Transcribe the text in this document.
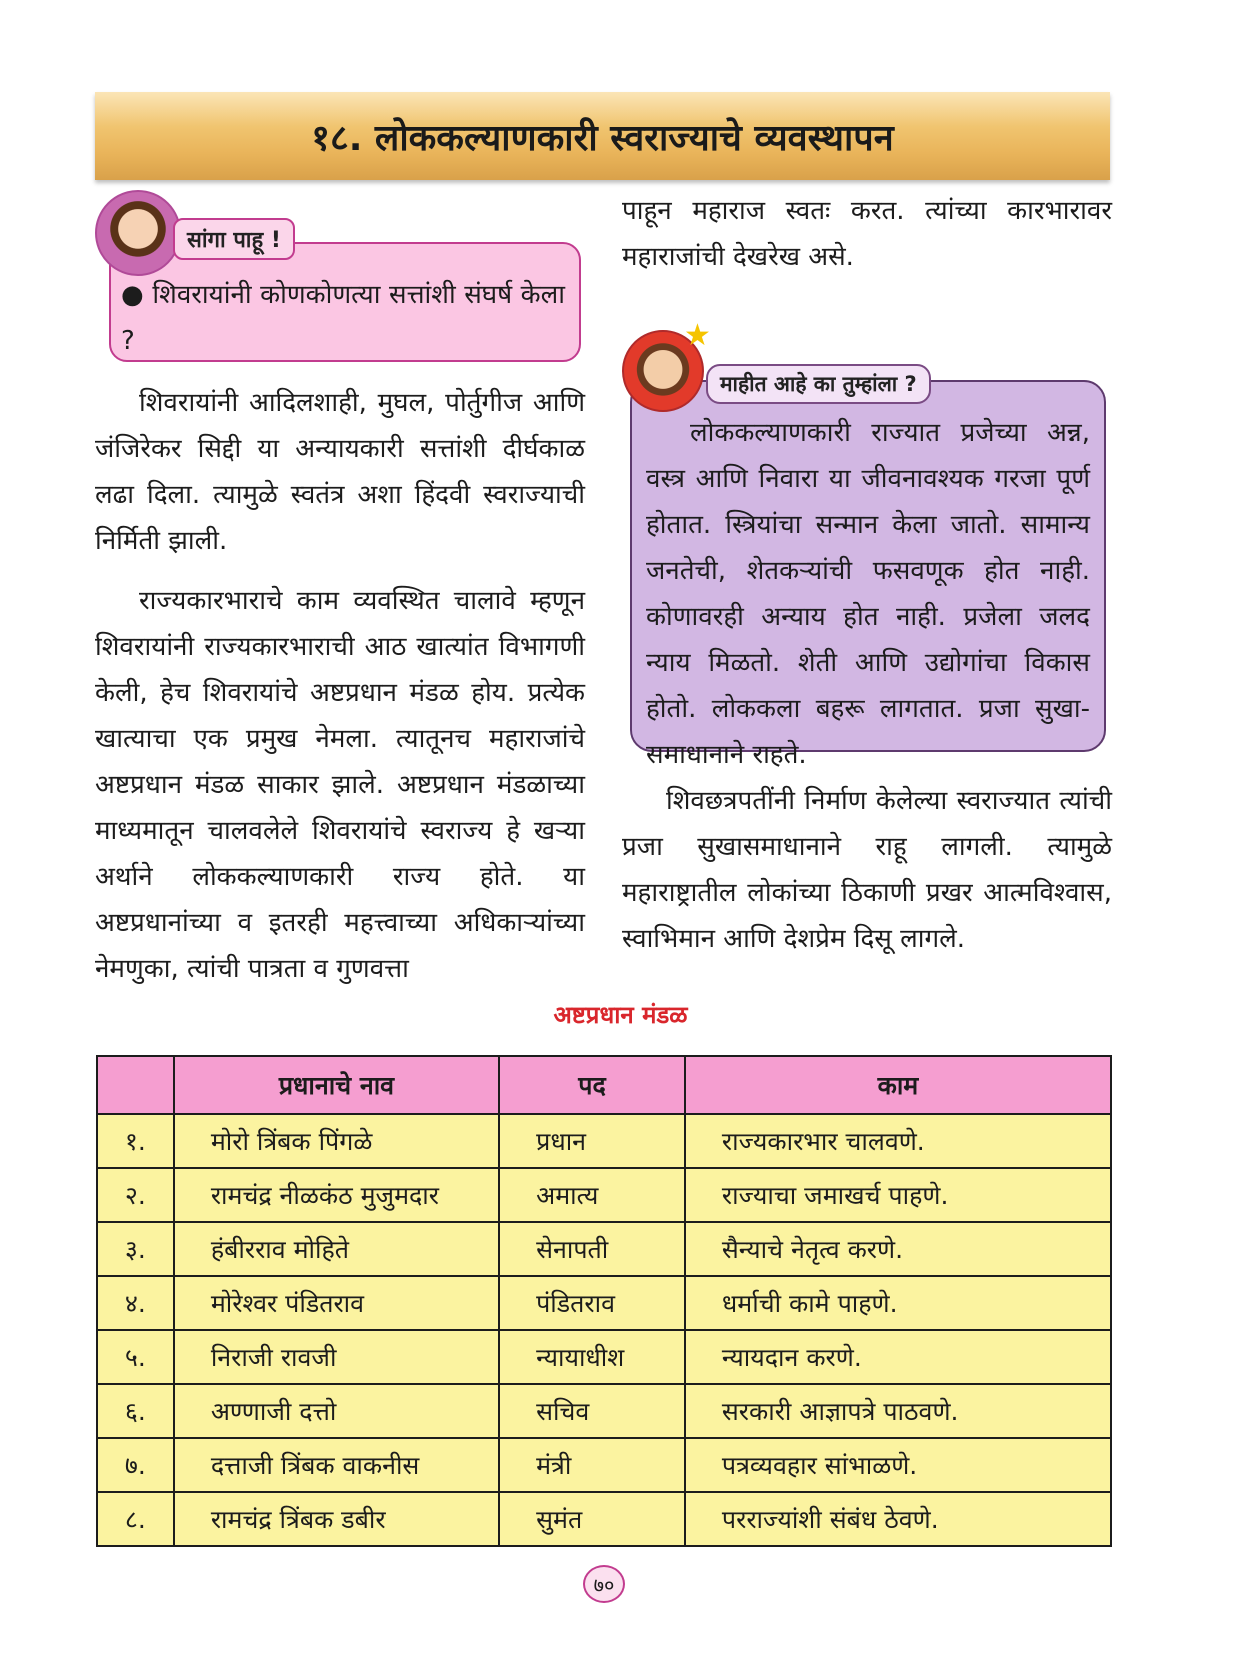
१८. लोककल्याणकारी स्वराज्याचे व्यवस्थापन

● शिवरायांनी कोणकोणत्या सत्तांशी संघर्ष केला ?

सांगा पाहू !

शिवरायांनी आदिलशाही, मुघल, पोर्तुगीज आणि जंजिरेकर सिद्दी या अन्यायकारी सत्तांशी दीर्घकाळ लढा दिला. त्यामुळे स्वतंत्र अशा हिंदवी स्वराज्याची निर्मिती झाली.

राज्यकारभाराचे काम व्यवस्थित चालावे म्हणून शिवरायांनी राज्यकारभाराची आठ खात्यांत विभागणी केली, हेच शिवरायांचे अष्टप्रधान मंडळ होय. प्रत्येक खात्याचा एक प्रमुख नेमला. त्यातूनच महाराजांचे अष्टप्रधान मंडळ साकार झाले. अष्टप्रधान मंडळाच्या माध्यमातून चालवलेले शिवरायांचे स्वराज्य हे खऱ्या अर्थाने लोककल्याणकारी राज्य होते. या अष्टप्रधानांच्या व इतरही महत्त्वाच्या अधिकाऱ्यांच्या नेमणुका, त्यांची पात्रता व गुणवत्ता

पाहून महाराज स्वतः करत. त्यांच्या कारभारावर महाराजांची देखरेख असे.

लोककल्याणकारी राज्यात प्रजेच्या अन्न, वस्त्र आणि निवारा या जीवनावश्यक गरजा पूर्ण होतात. स्त्रियांचा सन्मान केला जातो. सामान्य जनतेची, शेतकऱ्यांची फसवणूक होत नाही. कोणावरही अन्याय होत नाही. प्रजेला जलद न्याय मिळतो. शेती आणि उद्योगांचा विकास होतो. लोककला बहरू लागतात. प्रजा सुखा-समाधानाने राहते.

★
माहीत आहे का तुम्हांला ?

शिवछत्रपतींनी निर्माण केलेल्या स्वराज्यात त्यांची प्रजा सुखासमाधानाने राहू लागली. त्यामुळे महाराष्ट्रातील लोकांच्या ठिकाणी प्रखर आत्मविश्वास, स्वाभिमान आणि देशप्रेम दिसू लागले.

अष्टप्रधान मंडळ
	प्रधानाचे नाव	पद	काम
१.	मोरो त्रिंबक पिंगळे	प्रधान	राज्यकारभार चालवणे.
२.	रामचंद्र नीळकंठ मुजुमदार	अमात्य	राज्याचा जमाखर्च पाहणे.
३.	हंबीरराव मोहिते	सेनापती	सैन्याचे नेतृत्व करणे.
४.	मोरेश्वर पंडितराव	पंडितराव	धर्माची कामे पाहणे.
५.	निराजी रावजी	न्यायाधीश	न्यायदान करणे.
६.	अण्णाजी दत्तो	सचिव	सरकारी आज्ञापत्रे पाठवणे.
७.	दत्ताजी त्रिंबक वाकनीस	मंत्री	पत्रव्यवहार सांभाळणे.
८.	रामचंद्र त्रिंबक डबीर	सुमंत	परराज्यांशी संबंध ठेवणे.
७०
